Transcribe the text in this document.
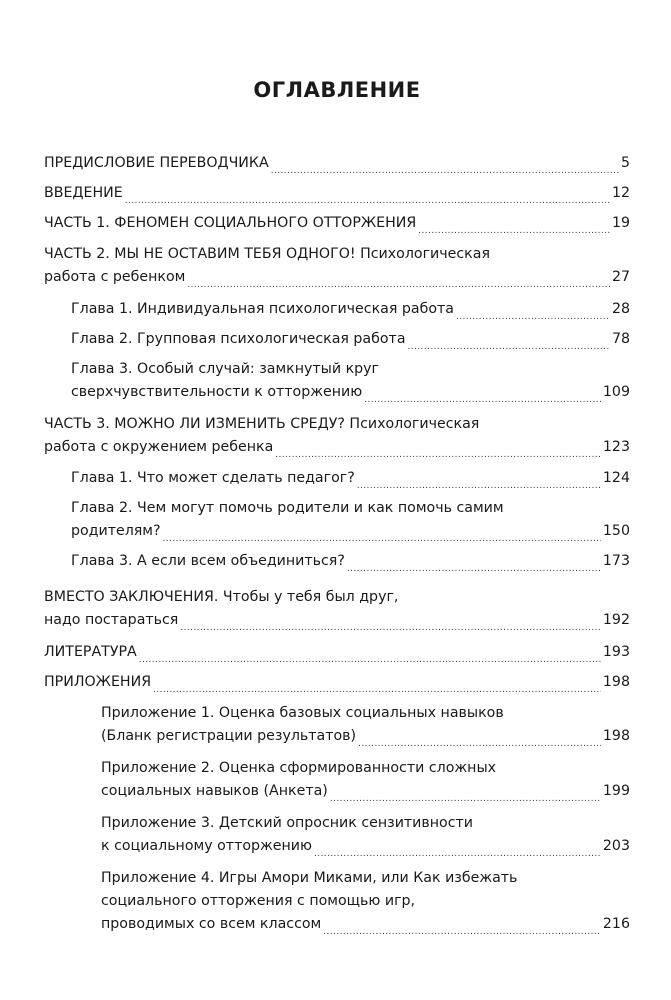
ОГЛАВЛЕНИЕ
ПРЕДИСЛОВИЕ ПЕРЕВОДЧИКА .....	5
ВВЕДЕНИЕ .....	12
ЧАСТЬ 1. ФЕНОМЕН СОЦИАЛЬНОГО ОТТОРЖЕНИЯ .....	19
ЧАСТЬ 2. МЫ НЕ ОСТАВИМ ТЕБЯ ОДНОГО! Психологическая
работа с ребенком .....	27
Глава 1. Индивидуальная психологическая работа .....	28
Глава 2. Групповая психологическая работа .....	78
Глава 3. Особый случай: замкнутый круг
сверхчувствительности к отторжению .....	109
ЧАСТЬ 3. МОЖНО ЛИ ИЗМЕНИТЬ СРЕДУ? Психологическая
работа с окружением ребенка .....	123
Глава 1. Что может сделать педагог? .....	124
Глава 2. Чем могут помочь родители и как помочь самим
родителям? .....	150
Глава 3. А если всем объединиться? .....	173
ВМЕСТО ЗАКЛЮЧЕНИЯ. Чтобы у тебя был друг,
надо постараться .....	192
ЛИТЕРАТУРА .....	193
ПРИЛОЖЕНИЯ .....	198
Приложение 1. Оценка базовых социальных навыков
(Бланк регистрации результатов) .....	198
Приложение 2. Оценка сформированности сложных
социальных навыков (Анкета) .....	199
Приложение 3. Детский опросник сензитивности
к социальному отторжению .....	203
Приложение 4. Игры Амори Миками, или Как избежать
социального отторжения с помощью игр,
проводимых со всем классом .....	216
